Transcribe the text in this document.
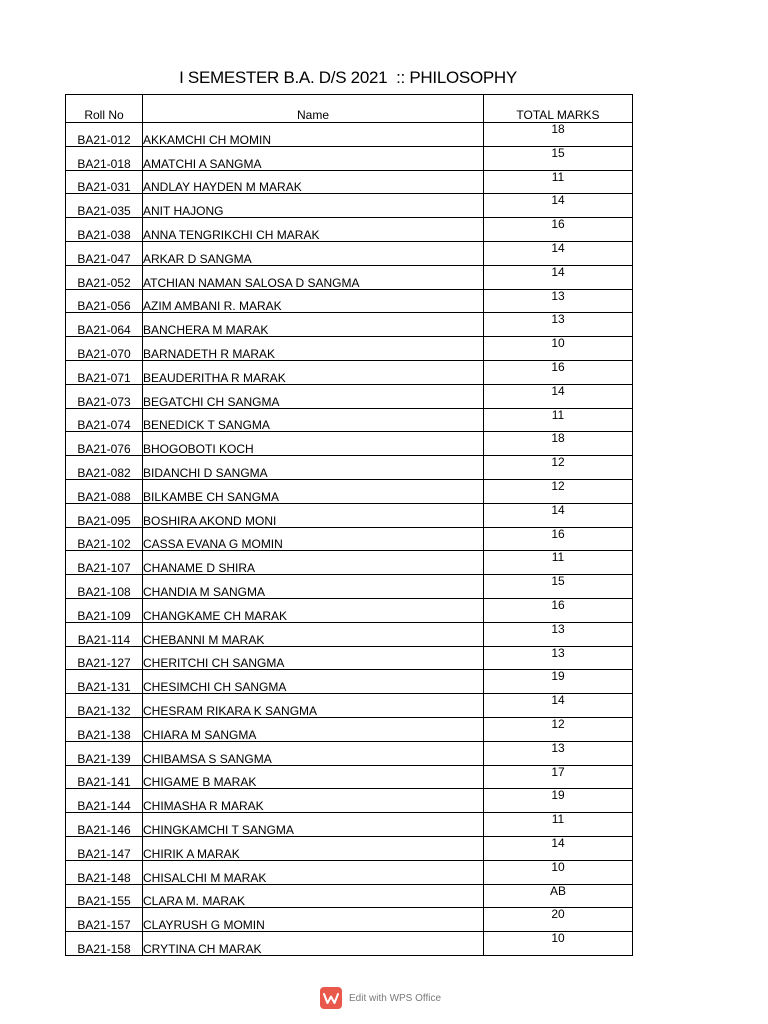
I SEMESTER B.A. D/S 2021  :: PHILOSOPHY
Roll No	Name	TOTAL MARKS
BA21-012	AKKAMCHI CH MOMIN	18
BA21-018	AMATCHI A SANGMA	15
BA21-031	ANDLAY HAYDEN M MARAK	11
BA21-035	ANIT HAJONG	14
BA21-038	ANNA TENGRIKCHI CH MARAK	16
BA21-047	ARKAR D SANGMA	14
BA21-052	ATCHIAN NAMAN SALOSA D SANGMA	14
BA21-056	AZIM AMBANI R. MARAK	13
BA21-064	BANCHERA M MARAK	13
BA21-070	BARNADETH R MARAK	10
BA21-071	BEAUDERITHA R MARAK	16
BA21-073	BEGATCHI CH SANGMA	14
BA21-074	BENEDICK T SANGMA	11
BA21-076	BHOGOBOTI KOCH	18
BA21-082	BIDANCHI D SANGMA	12
BA21-088	BILKAMBE CH SANGMA	12
BA21-095	BOSHIRA AKOND MONI	14
BA21-102	CASSA EVANA G MOMIN	16
BA21-107	CHANAME D SHIRA	11
BA21-108	CHANDIA M SANGMA	15
BA21-109	CHANGKAME CH MARAK	16
BA21-114	CHEBANNI M MARAK	13
BA21-127	CHERITCHI CH SANGMA	13
BA21-131	CHESIMCHI CH SANGMA	19
BA21-132	CHESRAM RIKARA K SANGMA	14
BA21-138	CHIARA M SANGMA	12
BA21-139	CHIBAMSA S SANGMA	13
BA21-141	CHIGAME B MARAK	17
BA21-144	CHIMASHA R MARAK	19
BA21-146	CHINGKAMCHI T SANGMA	11
BA21-147	CHIRIK A MARAK	14
BA21-148	CHISALCHI M MARAK	10
BA21-155	CLARA M. MARAK	AB
BA21-157	CLAYRUSH G MOMIN	20
BA21-158	CRYTINA CH MARAK	10
Edit with WPS Office
